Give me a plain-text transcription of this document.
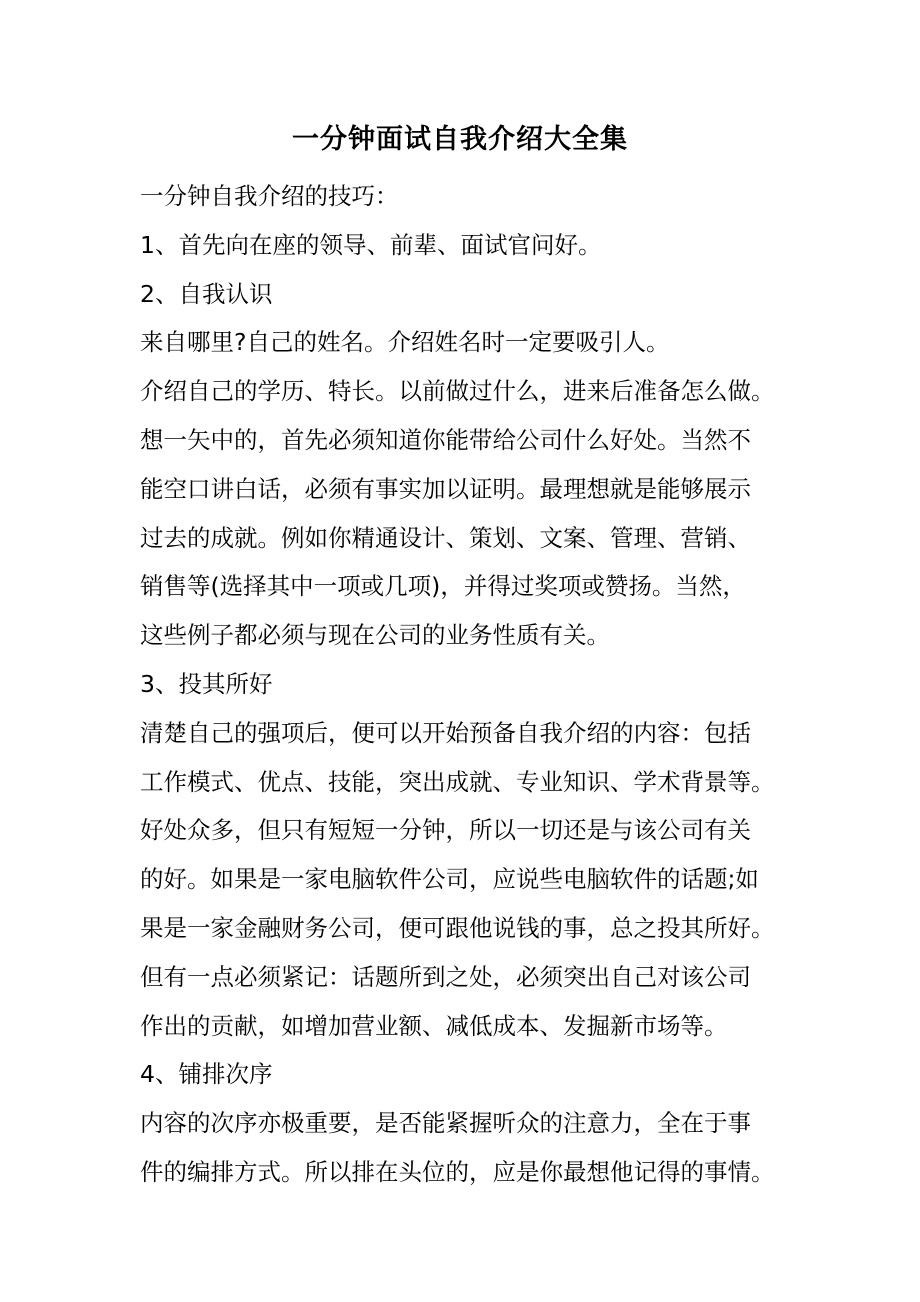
一分钟面试自我介绍大全集
一分钟自我介绍的技巧：
1、首先向在座的领导、前辈、面试官问好。
2、自我认识
来自哪里?自己的姓名。介绍姓名时一定要吸引人。
介绍自己的学历、特长。以前做过什么，进来后准备怎么做。
想一矢中的，首先必须知道你能带给公司什么好处。当然不
能空口讲白话，必须有事实加以证明。最理想就是能够展示
过去的成就。例如你精通设计、策划、文案、管理、营销、
销售等(选择其中一项或几项)，并得过奖项或赞扬。当然，
这些例子都必须与现在公司的业务性质有关。
3、投其所好
清楚自己的强项后，便可以开始预备自我介绍的内容：包括
工作模式、优点、技能，突出成就、专业知识、学术背景等。
好处众多，但只有短短一分钟，所以一切还是与该公司有关
的好。如果是一家电脑软件公司，应说些电脑软件的话题;如
果是一家金融财务公司，便可跟他说钱的事，总之投其所好。
但有一点必须紧记：话题所到之处，必须突出自己对该公司
作出的贡献，如增加营业额、减低成本、发掘新市场等。
4、铺排次序
内容的次序亦极重要，是否能紧握听众的注意力，全在于事
件的编排方式。所以排在头位的，应是你最想他记得的事情。
